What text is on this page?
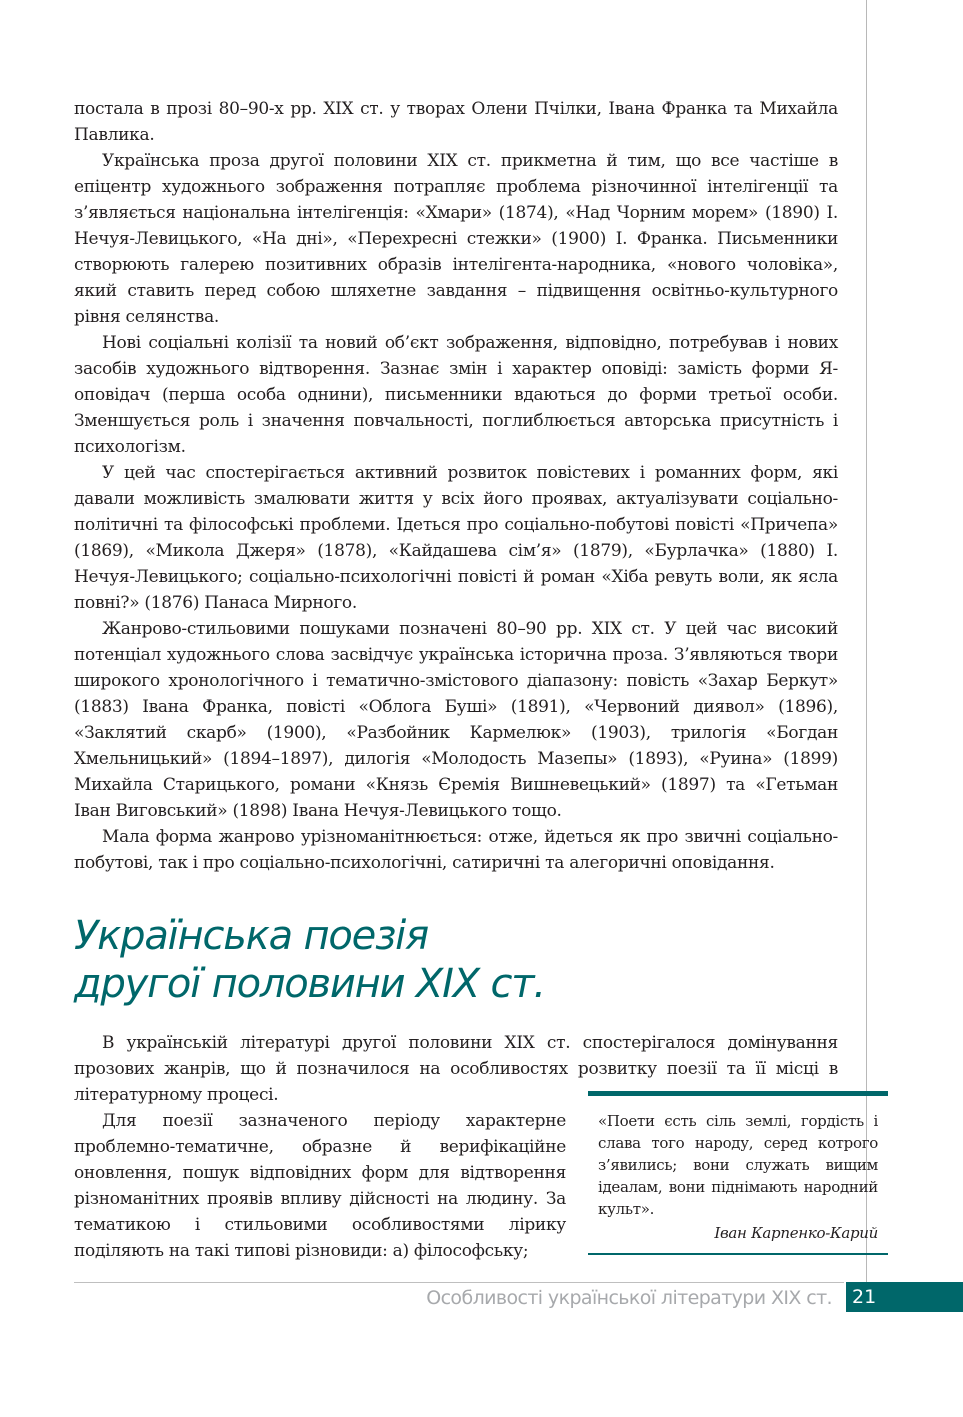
постала в прозі 80–90-х рр. XIX ст. у творах Олени Пчілки, Івана Франка та Михайла Павлика.

Українська проза другої половини XIX ст. прикметна й тим, що все частіше в епіцентр художнього зображення потрапляє проблема різночинної інтелігенції та з’являється національна інтелігенція: «Хмари» (1874), «Над Чорним морем» (1890) І. Нечуя-Левицького, «На дні», «Перехресні стежки» (1900) І. Франка. Письменники створюють галерею позитивних образів інтелігента-народника, «нового чоловіка», який ставить перед собою шляхетне завдання – підвищення освітньо-культурного рівня селянства.

Нові соціальні колізії та новий об’єкт зображення, відповідно, потребував і нових засобів художнього відтворення. Зазнає змін і характер оповіді: замість форми Я-оповідач (перша особа однини), письменники вдаються до форми третьої особи. Зменшується роль і значення повчальності, поглиблюється авторська присутність і психологізм.

У цей час спостерігається активний розвиток повістевих і романних форм, які давали можливість змалювати життя у всіх його проявах, актуалізувати соціально-політичні та філософські проблеми. Ідеться про соціально-побутові повісті «Причепа» (1869), «Микола Джеря» (1878), «Кайдашева сім’я» (1879), «Бурлачка» (1880) І. Нечуя-Левицького; соціально-психологічні повісті й роман «Хіба ревуть воли, як ясла повні?» (1876) Панаса Мирного.

Жанрово-стильовими пошуками позначені 80–90 рр. XIX ст. У цей час високий потенціал художнього слова засвідчує українська історична проза. З’являються твори широкого хронологічного і тематично-змістового діапазону: повість «Захар Беркут» (1883) Івана Франка, повісті «Облога Буші» (1891), «Червоний диявол» (1896), «Заклятий скарб» (1900), «Разбойник Кармелюк» (1903), трилогія «Богдан Хмельницький» (1894–1897), дилогія «Молодость Мазепы» (1893), «Руина» (1899) Михайла Старицького, романи «Князь Єремія Вишневецький» (1897) та «Гетьман Іван Виговський» (1898) Івана Нечуя-Левицького тощо.

Мала форма жанрово урізноманітнюється: отже, йдеться як про звичні соціально-побутові, так і про соціально-психологічні, сатиричні та алегоричні оповідання.

Українська поезія
другої половини XIX ст.

В українській літературі другої половини XIX ст. спостерігалося домінування прозових жанрів, що й позначилося на особливостях розвитку поезії та її місці в літературному процесі.

Для поезії зазначеного періоду характерне проблемно-тематичне, образне й верифікаційне оновлення, пошук відповідних форм для відтворення різноманітних проявів впливу дійсності на людину. За тематикою і стильовими особливостями лірику поділяють на такі типові різновиди: а) філософську;

«Поети єсть сіль землі, гордість і слава того народу, серед котрого з’явились; вони служать вищим ідеалам, вони піднімають народний культ».
Іван Карпенко-Карий
Особливості української літератури XIX ст.	21
